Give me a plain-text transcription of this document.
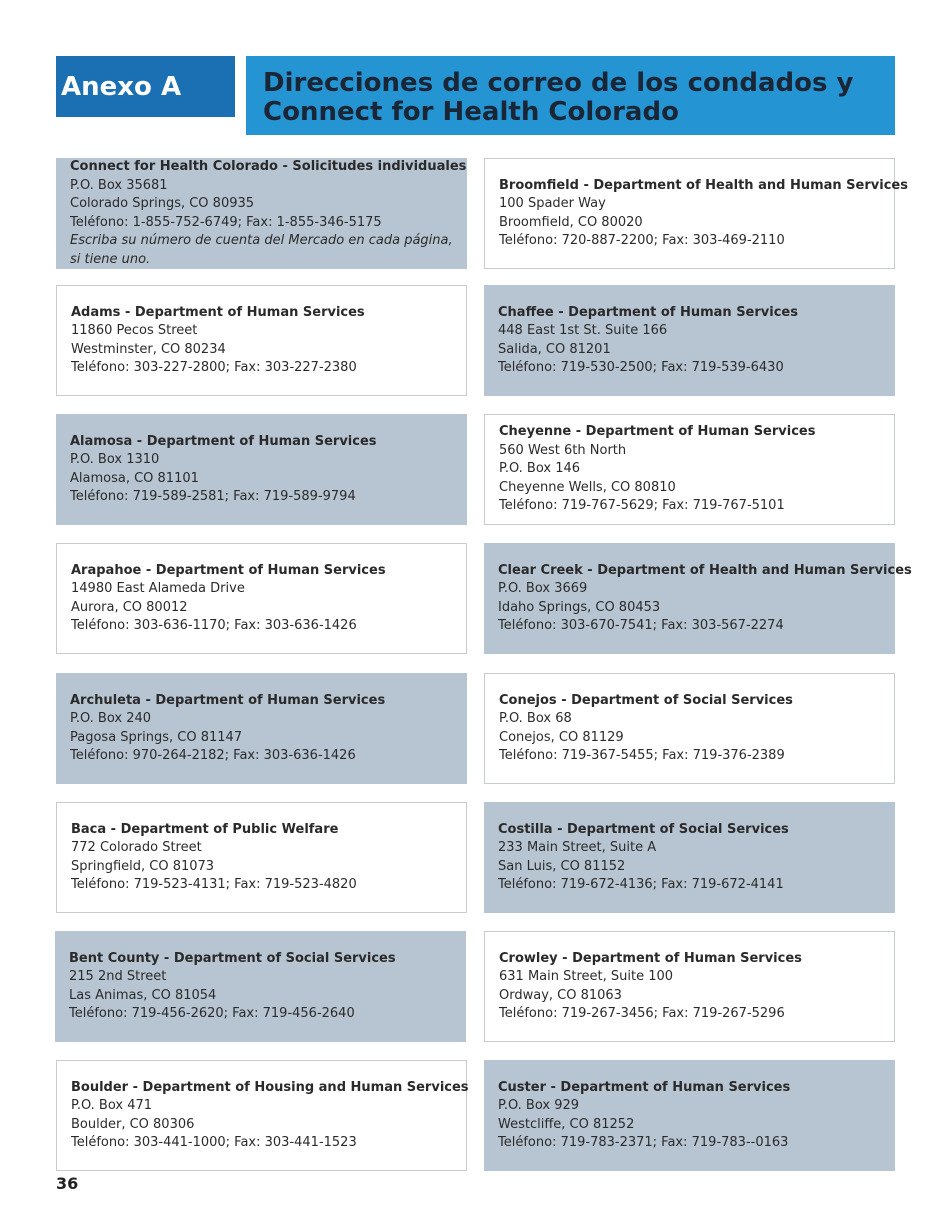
Anexo A	Direcciones de correo de los condados y
Connect for Health Colorado
Connect for Health Colorado - Solicitudes individuales
P.O. Box 35681
Colorado Springs, CO 80935
Teléfono: 1-855-752-6749; Fax: 1-855-346-5175
Escriba su número de cuenta del Mercado en cada página, si tiene uno.
Adams - Department of Human Services
11860 Pecos Street
Westminster, CO 80234
Teléfono: 303-227-2800; Fax: 303-227-2380
Alamosa - Department of Human Services
P.O. Box 1310
Alamosa, CO 81101
Teléfono: 719-589-2581; Fax: 719-589-9794
Arapahoe - Department of Human Services
14980 East Alameda Drive
Aurora, CO 80012
Teléfono: 303-636-1170; Fax: 303-636-1426
Archuleta - Department of Human Services
P.O. Box 240
Pagosa Springs, CO 81147
Teléfono: 970-264-2182; Fax: 303-636-1426
Baca - Department of Public Welfare
772 Colorado Street
Springfield, CO 81073
Teléfono: 719-523-4131; Fax: 719-523-4820
Bent County - Department of Social Services
215 2nd Street
Las Animas, CO 81054
Teléfono: 719-456-2620; Fax: 719-456-2640
Boulder - Department of Housing and Human Services
P.O. Box 471
Boulder, CO 80306
Teléfono: 303-441-1000; Fax: 303-441-1523
Broomfield - Department of Health and Human Services
100 Spader Way
Broomfield, CO 80020
Teléfono: 720-887-2200; Fax: 303-469-2110
Chaffee - Department of Human Services
448 East 1st St. Suite 166
Salida, CO 81201
Teléfono: 719-530-2500; Fax: 719-539-6430
Cheyenne - Department of Human Services
560 West 6th North
P.O. Box 146
Cheyenne Wells, CO 80810
Teléfono: 719-767-5629; Fax: 719-767-5101
Clear Creek - Department of Health and Human Services
P.O. Box 3669
Idaho Springs, CO 80453
Teléfono: 303-670-7541; Fax: 303-567-2274
Conejos - Department of Social Services
P.O. Box 68
Conejos, CO 81129
Teléfono: 719-367-5455; Fax: 719-376-2389
Costilla - Department of Social Services
233 Main Street, Suite A
San Luis, CO 81152
Teléfono: 719-672-4136; Fax: 719-672-4141
Crowley - Department of Human Services
631 Main Street, Suite 100
Ordway, CO 81063
Teléfono: 719-267-3456; Fax: 719-267-5296
Custer - Department of Human Services
P.O. Box 929
Westcliffe, CO 81252
Teléfono: 719-783-2371; Fax: 719-783--0163
36
